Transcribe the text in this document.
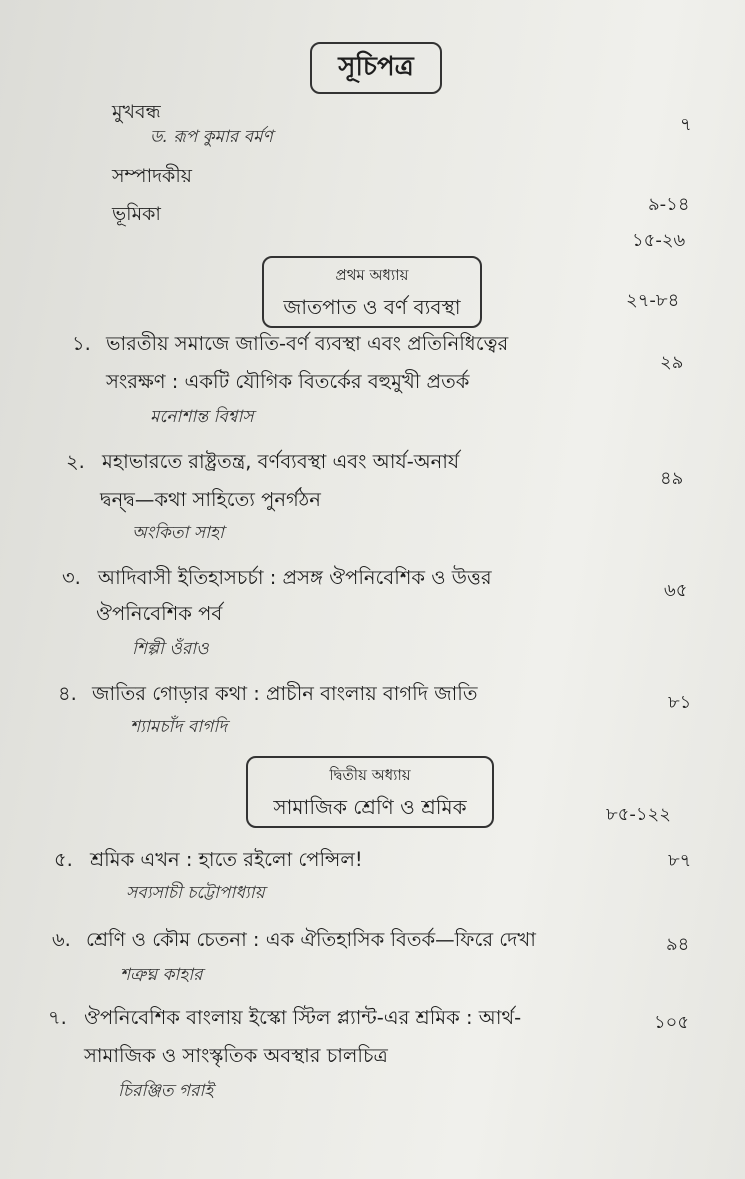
সূচিপত্র
মুখবন্ধ
ড. রূপ কুমার বর্মণ
৭
সম্পাদকীয়
৯-১৪
ভূমিকা
১৫-২৬
প্রথম অধ্যায়
জাতপাত ও বর্ণ ব্যবস্থা	২৭-৮৪
১. ভারতীয় সমাজে জাতি-বর্ণ ব্যবস্থা এবং প্রতিনিধিত্বের
সংরক্ষণ : একটি যৌগিক বিতর্কের বহুমুখী প্রতর্ক
মনোশান্ত বিশ্বাস
২৯
২. মহাভারতে রাষ্ট্রতন্ত্র, বর্ণব্যবস্থা এবং আর্য-অনার্য
দ্বন্দ্ব—কথা সাহিত্যে পুনর্গঠন
অংকিতা সাহা
৪৯
৩. আদিবাসী ইতিহাসচর্চা : প্রসঙ্গ ঔপনিবেশিক ও উত্তর
ঔপনিবেশিক পর্ব
শিল্পী ওঁরাও
৬৫
৪. জাতির গোড়ার কথা : প্রাচীন বাংলায় বাগদি জাতি
শ্যামচাঁদ বাগদি
৮১
দ্বিতীয় অধ্যায়
সামাজিক শ্রেণি ও শ্রমিক	৮৫-১২২
৫. শ্রমিক এখন : হাতে রইলো পেন্সিল!
সব্যসাচী চট্টোপাধ্যায়
৮৭
৬. শ্রেণি ও কৌম চেতনা : এক ঐতিহাসিক বিতর্ক—ফিরে দেখা
শত্রুঘ্ন কাহার
৯৪
৭. ঔপনিবেশিক বাংলায় ইস্কো স্টিল প্ল্যান্ট-এর শ্রমিক : আর্থ-
সামাজিক ও সাংস্কৃতিক অবস্থার চালচিত্র
চিরঞ্জিত গরাই
১০৫
